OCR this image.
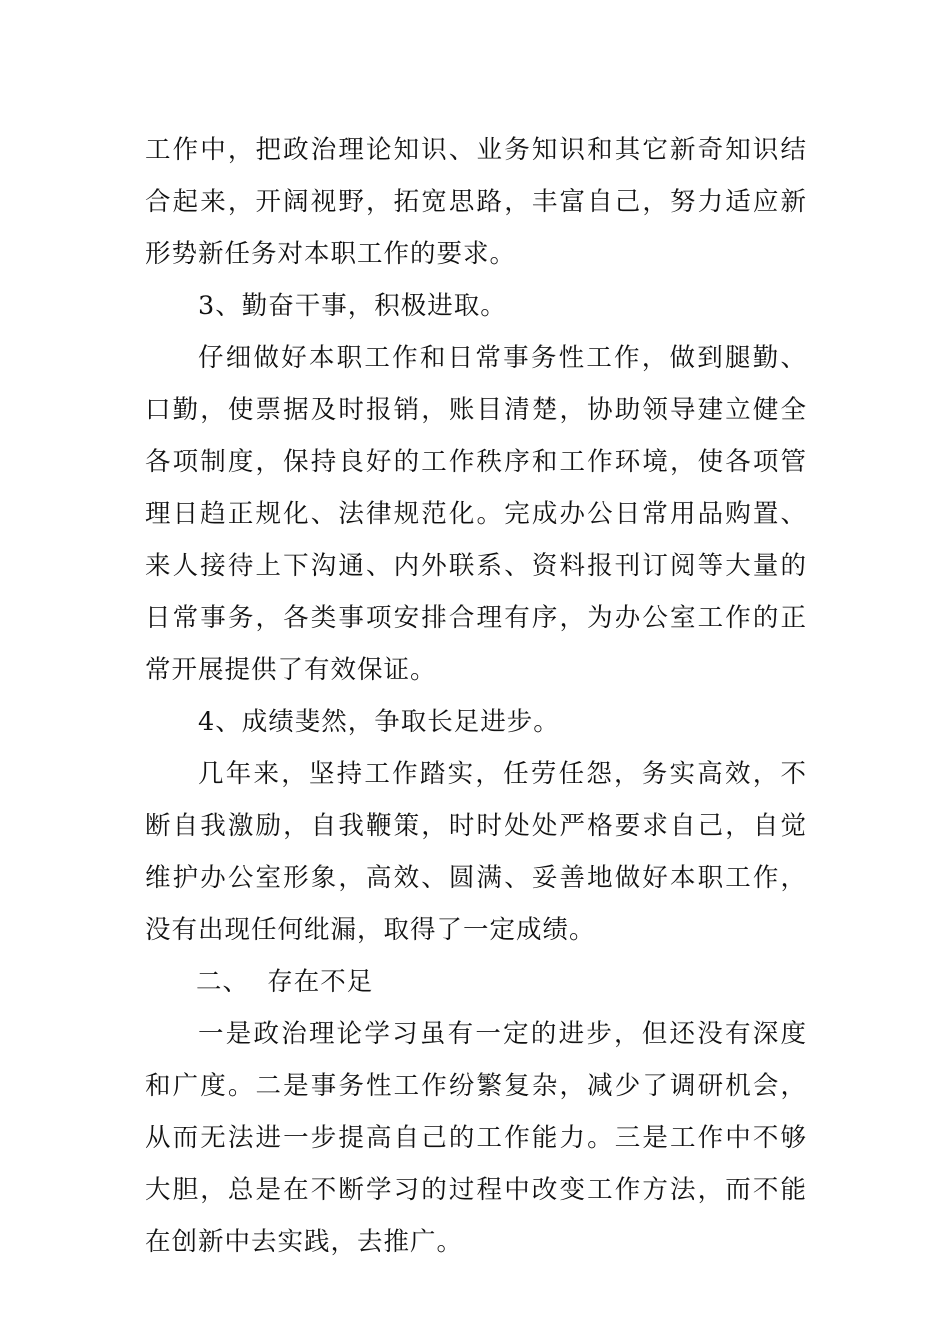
工作中，把政治理论知识、业务知识和其它新奇知识结合起来，开阔视野，拓宽思路，丰富自己，努力适应新形势新任务对本职工作的要求。

3、勤奋干事，积极进取。

仔细做好本职工作和日常事务性工作，做到腿勤、口勤，使票据及时报销，账目清楚，协助领导建立健全各项制度，保持良好的工作秩序和工作环境，使各项管理日趋正规化、法律规范化。完成办公日常用品购置、来人接待上下沟通、内外联系、资料报刊订阅等大量的日常事务，各类事项安排合理有序，为办公室工作的正常开展提供了有效保证。

4、成绩斐然，争取长足进步。

几年来，坚持工作踏实，任劳任怨，务实高效，不断自我激励，自我鞭策，时时处处严格要求自己，自觉维护办公室形象，高效、圆满、妥善地做好本职工作，没有出现任何纰漏，取得了一定成绩。

二、  存在不足

一是政治理论学习虽有一定的进步，但还没有深度和广度。二是事务性工作纷繁复杂，减少了调研机会，从而无法进一步提高自己的工作能力。三是工作中不够大胆，总是在不断学习的过程中改变工作方法，而不能在创新中去实践，去推广。
